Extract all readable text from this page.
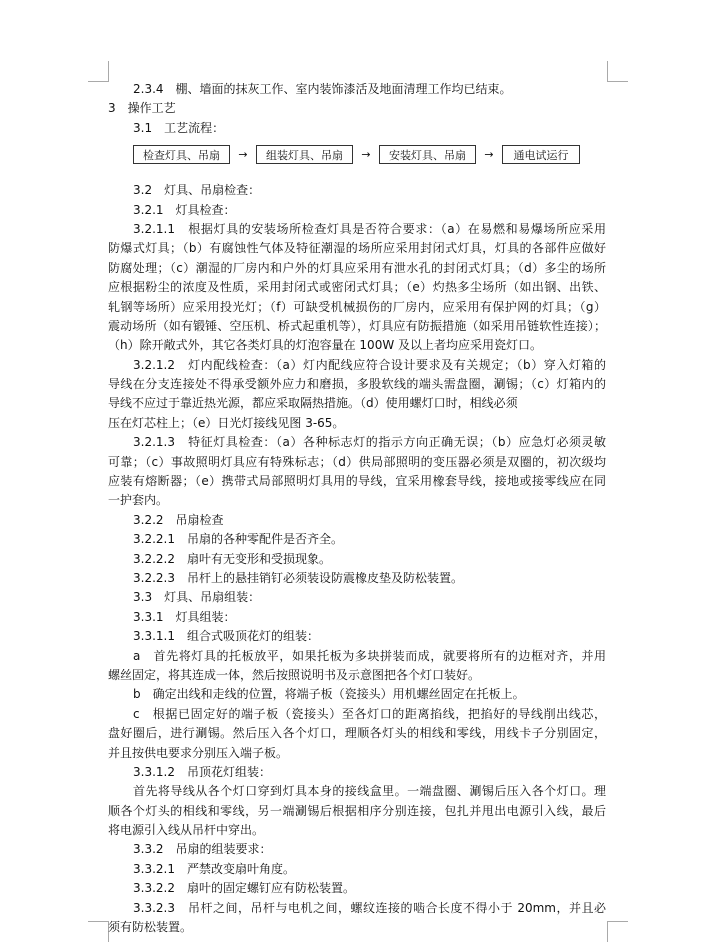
2.3.4　棚、墙面的抹灰工作、室内装饰漆活及地面清理工作均已结束。
3　操作工艺
3.1　工艺流程：
检查灯具、吊扇	→	组装灯具、吊扇	→	安装灯具、吊扇	→	通电试运行
3.2　灯具、吊扇检查：
3.2.1　灯具检查：
3.2.1.1　根据灯具的安装场所检查灯具是否符合要求：（a）在易燃和易爆场所应采用
防爆式灯具；（b）有腐蚀性气体及特征潮湿的场所应采用封闭式灯具，灯具的各部件应做好
防腐处理；（c）潮湿的厂房内和户外的灯具应采用有泄水孔的封闭式灯具；（d）多尘的场所
应根据粉尘的浓度及性质，采用封闭式或密闭式灯具；（e）灼热多尘场所（如出钢、出铁、
轧钢等场所）应采用投光灯；（f）可缺受机械损伤的厂房内，应采用有保护网的灯具；（g）
震动场所（如有锻锤、空压机、桥式起重机等），灯具应有防振措施（如采用吊链软性连接）；
（h）除开敞式外，其它各类灯具的灯泡容量在 100W 及以上者均应采用瓷灯口。
3.2.1.2　灯内配线检查：（a）灯内配线应符合设计要求及有关规定；（b）穿入灯箱的
导线在分支连接处不得承受额外应力和磨损，多股软线的端头需盘圈，涮锡；（c）灯箱内的
导线不应过于靠近热光源，都应采取隔热措施。（d）使用螺灯口时，相线必须
压在灯芯柱上；（e）日光灯接线见图 3-65。
3.2.1.3　特征灯具检查：（a）各种标志灯的指示方向正确无误；（b）应急灯必须灵敏
可靠；（c）事故照明灯具应有特殊标志；（d）供局部照明的变压器必须是双圈的，初次级均
应装有熔断器；（e）携带式局部照明灯具用的导线，宜采用橡套导线，接地或接零线应在同
一护套内。
3.2.2　吊扇检查
3.2.2.1　吊扇的各种零配件是否齐全。
3.2.2.2　扇叶有无变形和受损现象。
3.2.2.3　吊杆上的悬挂销钉必须装设防震橡皮垫及防松装置。
3.3　灯具、吊扇组装：
3.3.1　灯具组装：
3.3.1.1　组合式吸顶花灯的组装：
a　首先将灯具的托板放平，如果托板为多块拼装而成，就要将所有的边框对齐，并用
螺丝固定，将其连成一体，然后按照说明书及示意图把各个灯口装好。
b　确定出线和走线的位置，将端子板（瓷接头）用机螺丝固定在托板上。
c　根据已固定好的端子板（瓷接头）至各灯口的距离掐线，把掐好的导线削出线芯，
盘好圈后，进行涮锡。然后压入各个灯口，理顺各灯头的相线和零线，用线卡子分别固定，
并且按供电要求分别压入端子板。
3.3.1.2　吊顶花灯组装：
首先将导线从各个灯口穿到灯具本身的接线盒里。一端盘圈、涮锡后压入各个灯口。理
顺各个灯头的相线和零线，另一端涮锡后根据相序分别连接，包扎并甩出电源引入线，最后
将电源引入线从吊杆中穿出。
3.3.2　吊扇的组装要求：
3.3.2.1　严禁改变扇叶角度。
3.3.2.2　扇叶的固定螺钉应有防松装置。
3.3.2.3　吊杆之间，吊杆与电机之间，螺纹连接的啮合长度不得小于 20mm，并且必
须有防松装置。
